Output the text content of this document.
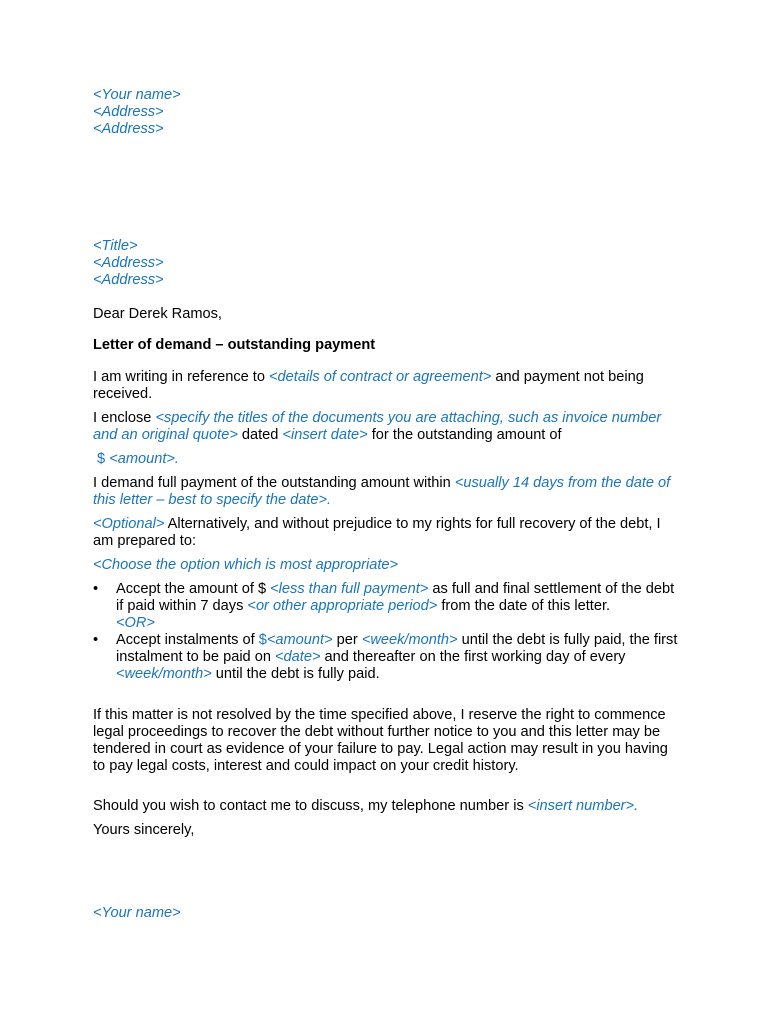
<Your name>

<Address>

<Address>

<Title>

<Address>

<Address>

Dear Derek Ramos,

Letter of demand – outstanding payment

I am writing in reference to <details of contract or agreement> and payment not being received.

I enclose <specify the titles of the documents you are attaching, such as invoice number and an original quote> dated <insert date> for the outstanding amount of

$ <amount>.

I demand full payment of the outstanding amount within <usually 14 days from the date of this letter – best to specify the date>.

<Optional> Alternatively, and without prejudice to my rights for full recovery of the debt, I am prepared to:

<Choose the option which is most appropriate>

• Accept the amount of $ <less than full payment> as full and final settlement of the debt if paid within 7 days <or other appropriate period> from the date of this letter.

<OR>

• Accept instalments of $<amount> per <week/month> until the debt is fully paid, the first instalment to be paid on <date> and thereafter on the first working day of every <week/month> until the debt is fully paid.

If this matter is not resolved by the time specified above, I reserve the right to commence legal proceedings to recover the debt without further notice to you and this letter may be tendered in court as evidence of your failure to pay. Legal action may result in you having to pay legal costs, interest and could impact on your credit history.

Should you wish to contact me to discuss, my telephone number is <insert number>.

Yours sincerely,

<Your name>
